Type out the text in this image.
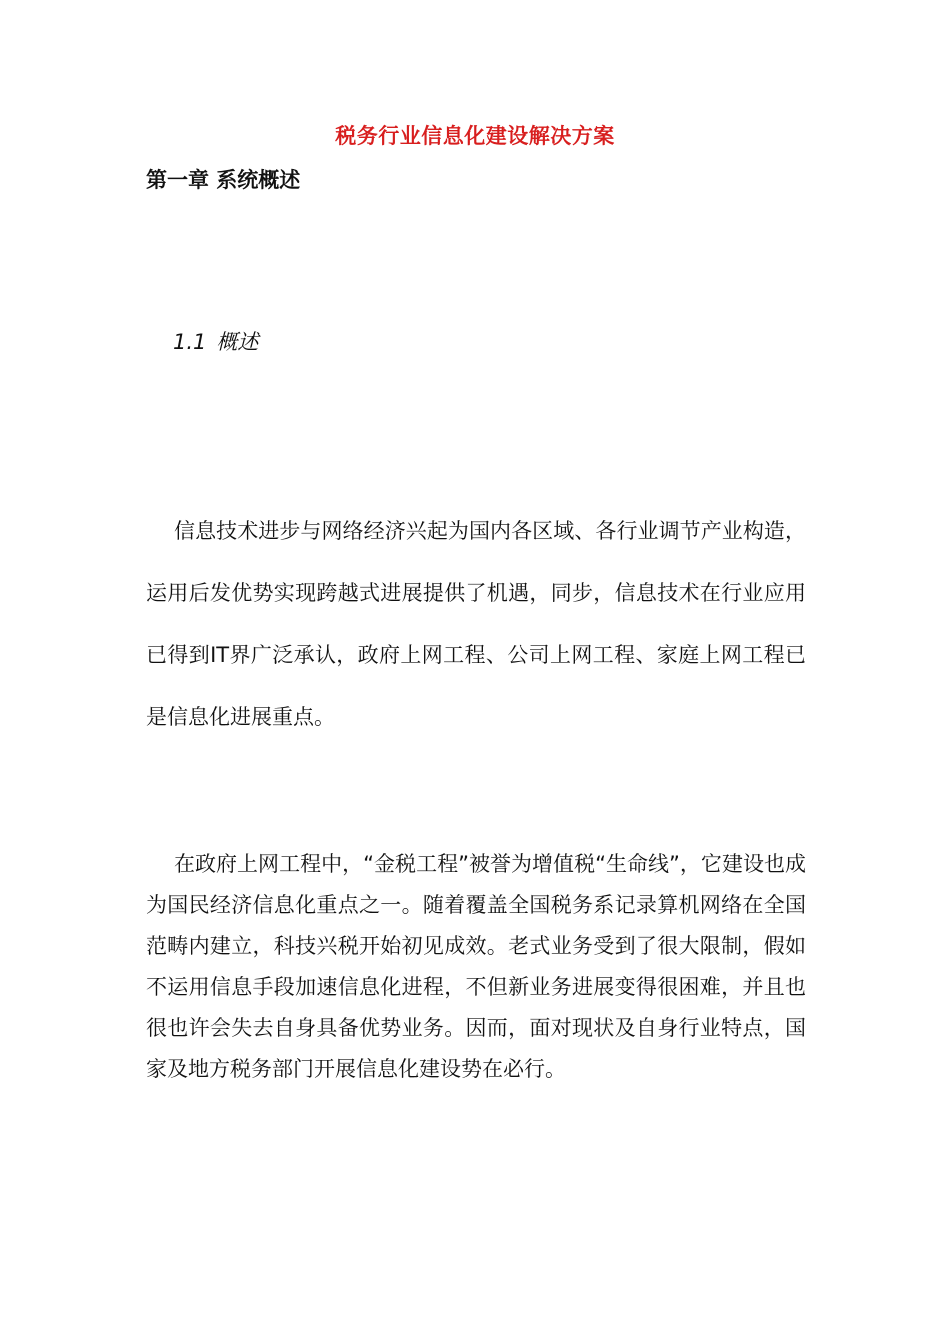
税务行业信息化建设解决方案
第一章 系统概述
1.1 概述

信息技术进步与网络经济兴起为国内各区域、各行业调节产业构造，运用后发优势实现跨越式进展提供了机遇，同步，信息技术在行业应用已得到IT界广泛承认，政府上网工程、公司上网工程、家庭上网工程已是信息化进展重点。

在政府上网工程中，“金税工程”被誉为增值税“生命线”，它建设也成为国民经济信息化重点之一。随着覆盖全国税务系记录算机网络在全国范畴内建立，科技兴税开始初见成效。老式业务受到了很大限制，假如不运用信息手段加速信息化进程，不但新业务进展变得很困难，并且也很也许会失去自身具备优势业务。因而，面对现状及自身行业特点，国家及地方税务部门开展信息化建设势在必行。
